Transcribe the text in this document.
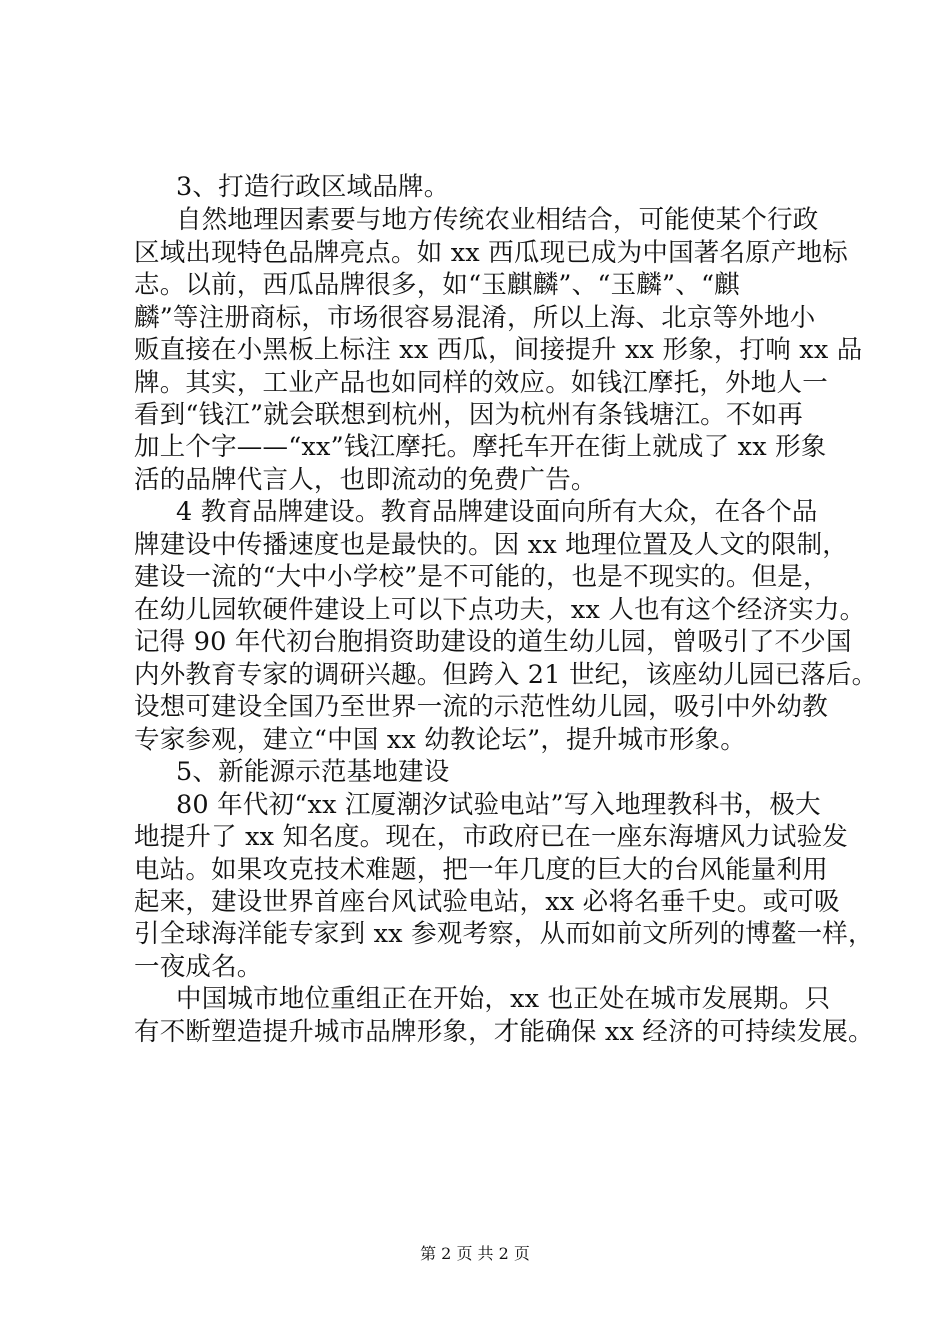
3、打造行政区域品牌。
自然地理因素要与地方传统农业相结合，可能使某个行政
区域出现特色品牌亮点。如 xx 西瓜现已成为中国著名原产地标
志。以前，西瓜品牌很多，如“玉麒麟”、“玉麟”、“麒
麟”等注册商标，市场很容易混淆，所以上海、北京等外地小
贩直接在小黑板上标注 xx 西瓜，间接提升 xx 形象，打响 xx 品
牌。其实，工业产品也如同样的效应。如钱江摩托，外地人一
看到“钱江”就会联想到杭州，因为杭州有条钱塘江。不如再
加上个字——“xx”钱江摩托。摩托车开在街上就成了 xx 形象
活的品牌代言人，也即流动的免费广告。
4 教育品牌建设。教育品牌建设面向所有大众，在各个品
牌建设中传播速度也是最快的。因 xx 地理位置及人文的限制，
建设一流的“大中小学校”是不可能的，也是不现实的。但是，
在幼儿园软硬件建设上可以下点功夫，xx 人也有这个经济实力。
记得 90 年代初台胞捐资助建设的道生幼儿园，曾吸引了不少国
内外教育专家的调研兴趣。但跨入 21 世纪，该座幼儿园已落后。
设想可建设全国乃至世界一流的示范性幼儿园，吸引中外幼教
专家参观，建立“中国 xx 幼教论坛”，提升城市形象。
5、新能源示范基地建设
80 年代初“xx 江厦潮汐试验电站”写入地理教科书，极大
地提升了 xx 知名度。现在，市政府已在一座东海塘风力试验发
电站。如果攻克技术难题，把一年几度的巨大的台风能量利用
起来，建设世界首座台风试验电站，xx 必将名垂千史。或可吸
引全球海洋能专家到 xx 参观考察，从而如前文所列的博鳌一样，
一夜成名。
中国城市地位重组正在开始，xx 也正处在城市发展期。只
有不断塑造提升城市品牌形象，才能确保 xx 经济的可持续发展。
第 2 页 共 2 页
